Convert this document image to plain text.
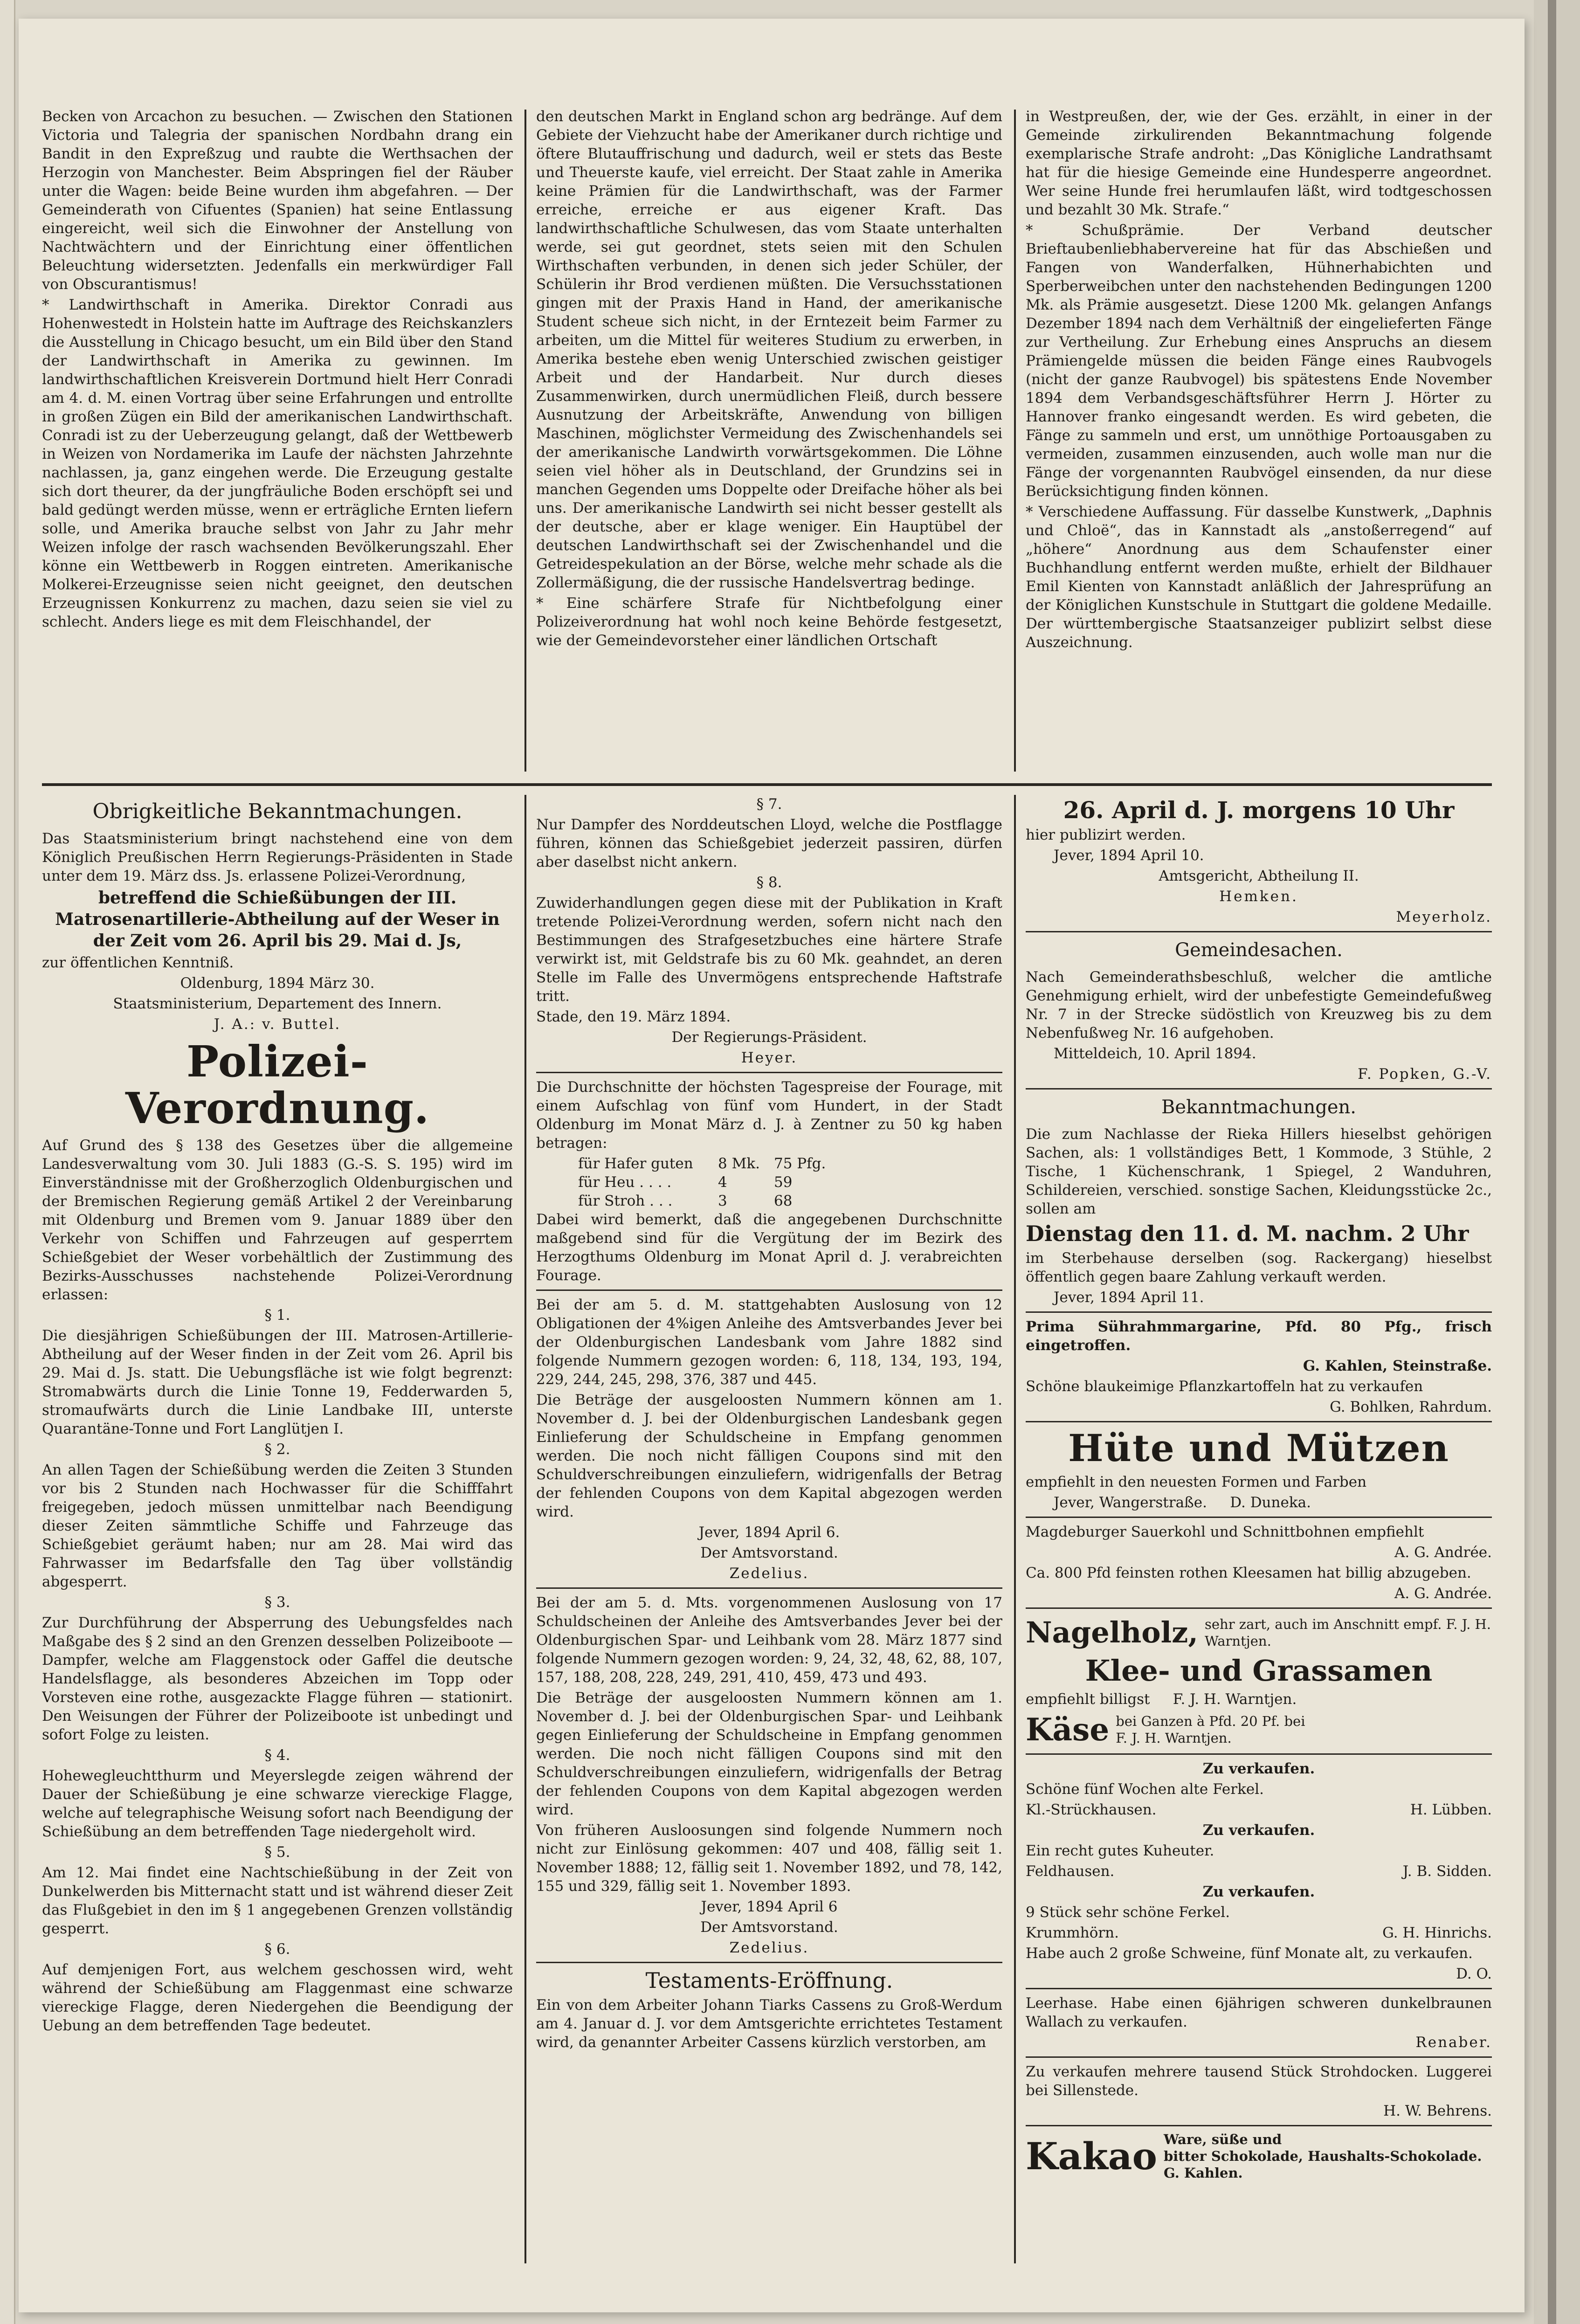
Becken von Arcachon zu besuchen. — Zwischen den Stationen Victoria und Talegria der spanischen Nordbahn drang ein Bandit in den Expreßzug und raubte die Werthsachen der Herzogin von Manchester. Beim Abspringen fiel der Räuber unter die Wagen: beide Beine wurden ihm abgefahren. — Der Gemeinderath von Cifuentes (Spanien) hat seine Entlassung eingereicht, weil sich die Einwohner der Anstellung von Nachtwächtern und der Einrichtung einer öffentlichen Beleuchtung widersetzten. Jedenfalls ein merkwürdiger Fall von Obscurantismus!

* Landwirthschaft in Amerika. Direktor Conradi aus Hohenwestedt in Holstein hatte im Auftrage des Reichskanzlers die Ausstellung in Chicago besucht, um ein Bild über den Stand der Landwirthschaft in Amerika zu gewinnen. Im landwirthschaftlichen Kreisverein Dortmund hielt Herr Conradi am 4. d. M. einen Vortrag über seine Erfahrungen und entrollte in großen Zügen ein Bild der amerikanischen Landwirthschaft. Conradi ist zu der Ueberzeugung gelangt, daß der Wettbewerb in Weizen von Nordamerika im Laufe der nächsten Jahrzehnte nachlassen, ja, ganz eingehen werde. Die Erzeugung gestalte sich dort theurer, da der jungfräuliche Boden erschöpft sei und bald gedüngt werden müsse, wenn er erträgliche Ernten liefern solle, und Amerika brauche selbst von Jahr zu Jahr mehr Weizen infolge der rasch wachsenden Bevölkerungszahl. Eher könne ein Wettbewerb in Roggen eintreten. Amerikanische Molkerei-Erzeugnisse seien nicht geeignet, den deutschen Erzeugnissen Konkurrenz zu machen, dazu seien sie viel zu schlecht. Anders liege es mit dem Fleischhandel, der

den deutschen Markt in England schon arg bedränge. Auf dem Gebiete der Viehzucht habe der Amerikaner durch richtige und öftere Blutauffrischung und dadurch, weil er stets das Beste und Theuerste kaufe, viel erreicht. Der Staat zahle in Amerika keine Prämien für die Landwirthschaft, was der Farmer erreiche, erreiche er aus eigener Kraft. Das landwirthschaftliche Schulwesen, das vom Staate unterhalten werde, sei gut geordnet, stets seien mit den Schulen Wirthschaften verbunden, in denen sich jeder Schüler, der Schülerin ihr Brod verdienen müßten. Die Versuchsstationen gingen mit der Praxis Hand in Hand, der amerikanische Student scheue sich nicht, in der Erntezeit beim Farmer zu arbeiten, um die Mittel für weiteres Studium zu erwerben, in Amerika bestehe eben wenig Unterschied zwischen geistiger Arbeit und der Handarbeit. Nur durch dieses Zusammenwirken, durch unermüdlichen Fleiß, durch bessere Ausnutzung der Arbeitskräfte, Anwendung von billigen Maschinen, möglichster Vermeidung des Zwischenhandels sei der amerikanische Landwirth vorwärtsgekommen. Die Löhne seien viel höher als in Deutschland, der Grundzins sei in manchen Gegenden ums Doppelte oder Dreifache höher als bei uns. Der amerikanische Landwirth sei nicht besser gestellt als der deutsche, aber er klage weniger. Ein Hauptübel der deutschen Landwirthschaft sei der Zwischenhandel und die Getreidespekulation an der Börse, welche mehr schade als die Zollermäßigung, die der russische Handelsvertrag bedinge.

* Eine schärfere Strafe für Nichtbefolgung einer Polizeiverordnung hat wohl noch keine Behörde festgesetzt, wie der Gemeindevorsteher einer ländlichen Ortschaft

in Westpreußen, der, wie der Ges. erzählt, in einer in der Gemeinde zirkulirenden Bekanntmachung folgende exemplarische Strafe androht: „Das Königliche Landrathsamt hat für die hiesige Gemeinde eine Hundesperre angeordnet. Wer seine Hunde frei herumlaufen läßt, wird todtgeschossen und bezahlt 30 Mk. Strafe.“

* Schußprämie. Der Verband deutscher Brieftaubenliebhabervereine hat für das Abschießen und Fangen von Wanderfalken, Hühnerhabichten und Sperberweibchen unter den nachstehenden Bedingungen 1200 Mk. als Prämie ausgesetzt. Diese 1200 Mk. gelangen Anfangs Dezember 1894 nach dem Verhältniß der eingelieferten Fänge zur Vertheilung. Zur Erhebung eines Anspruchs an diesem Prämiengelde müssen die beiden Fänge eines Raubvogels (nicht der ganze Raubvogel) bis spätestens Ende November 1894 dem Verbandsgeschäftsführer Herrn J. Hörter zu Hannover franko eingesandt werden. Es wird gebeten, die Fänge zu sammeln und erst, um unnöthige Portoausgaben zu vermeiden, zusammen einzusenden, auch wolle man nur die Fänge der vorgenannten Raubvögel einsenden, da nur diese Berücksichtigung finden können.

* Verschiedene Auffassung. Für dasselbe Kunstwerk, „Daphnis und Chloë“, das in Kannstadt als „anstoßerregend“ auf „höhere“ Anordnung aus dem Schaufenster einer Buchhandlung entfernt werden mußte, erhielt der Bildhauer Emil Kienten von Kannstadt anläßlich der Jahresprüfung an der Königlichen Kunstschule in Stuttgart die goldene Medaille. Der württembergische Staatsanzeiger publizirt selbst diese Auszeichnung.

Obrigkeitliche Bekanntmachungen.

Das Staatsministerium bringt nachstehend eine von dem Königlich Preußischen Herrn Regierungs-Präsidenten in Stade unter dem 19. März dss. Js. erlassene Polizei-Verordnung,

betreffend die Schießübungen der III. Matrosenartillerie-Abtheilung auf der Weser in der Zeit vom 26. April bis 29. Mai d. Js,

zur öffentlichen Kenntniß.

Oldenburg, 1894 März 30.

Staatsministerium, Departement des Innern.

J. A.: v. Buttel.

Polizei-Verordnung.

Auf Grund des § 138 des Gesetzes über die allgemeine Landesverwaltung vom 30. Juli 1883 (G.-S. S. 195) wird im Einverständnisse mit der Großherzoglich Oldenburgischen und der Bremischen Regierung gemäß Artikel 2 der Vereinbarung mit Oldenburg und Bremen vom 9. Januar 1889 über den Verkehr von Schiffen und Fahrzeugen auf gesperrtem Schießgebiet der Weser vorbehältlich der Zustimmung des Bezirks-Ausschusses nachstehende Polizei-Verordnung erlassen:

§ 1.

Die diesjährigen Schießübungen der III. Matrosen-Artillerie-Abtheilung auf der Weser finden in der Zeit vom 26. April bis 29. Mai d. Js. statt. Die Uebungsfläche ist wie folgt begrenzt: Stromabwärts durch die Linie Tonne 19, Fedderwarden 5, stromaufwärts durch die Linie Landbake III, unterste Quarantäne-Tonne und Fort Langlütjen I.

§ 2.

An allen Tagen der Schießübung werden die Zeiten 3 Stunden vor bis 2 Stunden nach Hochwasser für die Schifffahrt freigegeben, jedoch müssen unmittelbar nach Beendigung dieser Zeiten sämmtliche Schiffe und Fahrzeuge das Schießgebiet geräumt haben; nur am 28. Mai wird das Fahrwasser im Bedarfsfalle den Tag über vollständig abgesperrt.

§ 3.

Zur Durchführung der Absperrung des Uebungsfeldes nach Maßgabe des § 2 sind an den Grenzen desselben Polizeiboote — Dampfer, welche am Flaggenstock oder Gaffel die deutsche Handelsflagge, als besonderes Abzeichen im Topp oder Vorsteven eine rothe, ausgezackte Flagge führen — stationirt. Den Weisungen der Führer der Polizeiboote ist unbedingt und sofort Folge zu leisten.

§ 4.

Hoheweglеuchtthurm und Meyerslegde zeigen während der Dauer der Schießübung je eine schwarze viereckige Flagge, welche auf telegraphische Weisung sofort nach Beendigung der Schießübung an dem betreffenden Tage niedergeholt wird.

§ 5.

Am 12. Mai findet eine Nachtschießübung in der Zeit von Dunkelwerden bis Mitternacht statt und ist während dieser Zeit das Flußgebiet in den im § 1 angegebenen Grenzen vollständig gesperrt.

§ 6.

Auf demjenigen Fort, aus welchem geschossen wird, weht während der Schießübung am Flaggenmast eine schwarze viereckige Flagge, deren Niedergehen die Beendigung der Uebung an dem betreffenden Tage bedeutet.

§ 7.

Nur Dampfer des Norddeutschen Lloyd, welche die Postflagge führen, können das Schießgebiet jederzeit passiren, dürfen aber daselbst nicht ankern.

§ 8.

Zuwiderhandlungen gegen diese mit der Publikation in Kraft tretende Polizei-Verordnung werden, sofern nicht nach den Bestimmungen des Strafgesetzbuches eine härtere Strafe verwirkt ist, mit Geldstrafe bis zu 60 Mk. geahndet, an deren Stelle im Falle des Unvermögens entsprechende Haftstrafe tritt.

Stade, den 19. März 1894.

Der Regierungs-Präsident.

Heyer.

Die Durchschnitte der höchsten Tagespreise der Fourage, mit einem Aufschlag von fünf vom Hundert, in der Stadt Oldenburg im Monat März d. J. à Zentner zu 50 kg haben betragen:

für Hafer guten 8 Mk. 75 Pfg.
für Heu . . . .	4	59
für Stroh . . .	3	68

Dabei wird bemerkt, daß die angegebenen Durchschnitte maßgebend sind für die Vergütung der im Bezirk des Herzogthums Oldenburg im Monat April d. J. verabreichten Fourage.

Bei der am 5. d. M. stattgehabten Auslosung von 12 Obligationen der 4%igen Anleihe des Amtsverbandes Jever bei der Oldenburgischen Landesbank vom Jahre 1882 sind folgende Nummern gezogen worden: 6, 118, 134, 193, 194, 229, 244, 245, 298, 376, 387 und 445.

Die Beträge der ausgeloosten Nummern können am 1. November d. J. bei der Oldenburgischen Landesbank gegen Einlieferung der Schuldscheine in Empfang genommen werden. Die noch nicht fälligen Coupons sind mit den Schuldverschreibungen einzuliefern, widrigenfalls der Betrag der fehlenden Coupons von dem Kapital abgezogen werden wird.

Jever, 1894 April 6.

Der Amtsvorstand.

Zedelius.

Bei der am 5. d. Mts. vorgenommenen Auslosung von 17 Schuldscheinen der Anleihe des Amtsverbandes Jever bei der Oldenburgischen Spar- und Leihbank vom 28. März 1877 sind folgende Nummern gezogen worden: 9, 24, 32, 48, 62, 88, 107, 157, 188, 208, 228, 249, 291, 410, 459, 473 und 493.

Die Beträge der ausgeloosten Nummern können am 1. November d. J. bei der Oldenburgischen Spar- und Leihbank gegen Einlieferung der Schuldscheine in Empfang genommen werden. Die noch nicht fälligen Coupons sind mit den Schuldverschreibungen einzuliefern, widrigenfalls der Betrag der fehlenden Coupons von dem Kapital abgezogen werden wird.

Von früheren Ausloosungen sind folgende Nummern noch nicht zur Einlösung gekommen: 407 und 408, fällig seit 1. November 1888; 12, fällig seit 1. November 1892, und 78, 142, 155 und 329, fällig seit 1. November 1893.

Jever, 1894 April 6

Der Amtsvorstand.

Zedelius.

Testaments-Eröffnung.

Ein von dem Arbeiter Johann Tiarks Cassens zu Groß-Werdum am 4. Januar d. J. vor dem Amtsgerichte errichtetes Testament wird, da genannter Arbeiter Cassens kürzlich verstorben, am

26. April d. J. morgens 10 Uhr

hier publizirt werden.

Jever, 1894 April 10.

Amtsgericht, Abtheilung II.

Hemken.

Meyerholz.

Gemeindesachen.

Nach Gemeinderathsbeschluß, welcher die amtliche Genehmigung erhielt, wird der unbefestigte Gemeindefußweg Nr. 7 in der Strecke südöstlich von Kreuzweg bis zu dem Nebenfußweg Nr. 16 aufgehoben.

Mitteldeich, 10. April 1894.

F. Popken, G.-V.

Bekanntmachungen.

Die zum Nachlasse der Rieka Hillers hieselbst gehörigen Sachen, als: 1 vollständiges Bett, 1 Kommode, 3 Stühle, 2 Tische, 1 Küchenschrank, 1 Spiegel, 2 Wanduhren, Schildereien, verschied. sonstige Sachen, Kleidungsstücke 2c., sollen am

Dienstag den 11. d. M. nachm. 2 Uhr

im Sterbehause derselben (sog. Rackergang) hieselbst öffentlich gegen baare Zahlung verkauft werden.

Jever, 1894 April 11.

Prima Sührahmmargarine, Pfd. 80 Pfg., frisch eingetroffen.

G. Kahlen, Steinstraße.

Schöne blaukeimige Pflanzkartoffeln hat zu verkaufen

G. Bohlken, Rahrdum.

Hüte und Mützen

empfiehlt in den neuesten Formen und Farben

Jever, Wangerstraße. D. Duneka.

Magdeburger Sauerkohl und Schnittbohnen empfiehlt

A. G. Andrée.

Ca. 800 Pfd feinsten rothen Kleesamen hat billig abzugeben.

A. G. Andrée.

Nagelholz, sehr zart, auch im Anschnitt empf. F. J. H. Warntjen.
Klee- und Grassamen

empfiehlt billigst F. J. H. Warntjen.

Käse bei Ganzen à Pfd. 20 Pf. bei
F. J. H. Warntjen.

Zu verkaufen.

Schöne fünf Wochen alte Ferkel.

Kl.-Strückhausen.	H. Lübben.

Zu verkaufen.

Ein recht gutes Kuheuter.

Feldhausen.	J. B. Sidden.

Zu verkaufen.

9 Stück sehr schöne Ferkel.

Krummhörn.	G. H. Hinrichs.

Habe auch 2 große Schweine, fünf Monate alt, zu verkaufen.

D. O.

Leerhase. Habe einen 6jährigen schweren dunkelbraunen Wallach zu verkaufen.

Renaber.

Zu verkaufen mehrere tausend Stück Strohdocken. Luggerei bei Sillenstede.

H. W. Behrens.

Kakao Ware, süße und
bitter Schokolade, Haushalts-Schokolade.
G. Kahlen.
